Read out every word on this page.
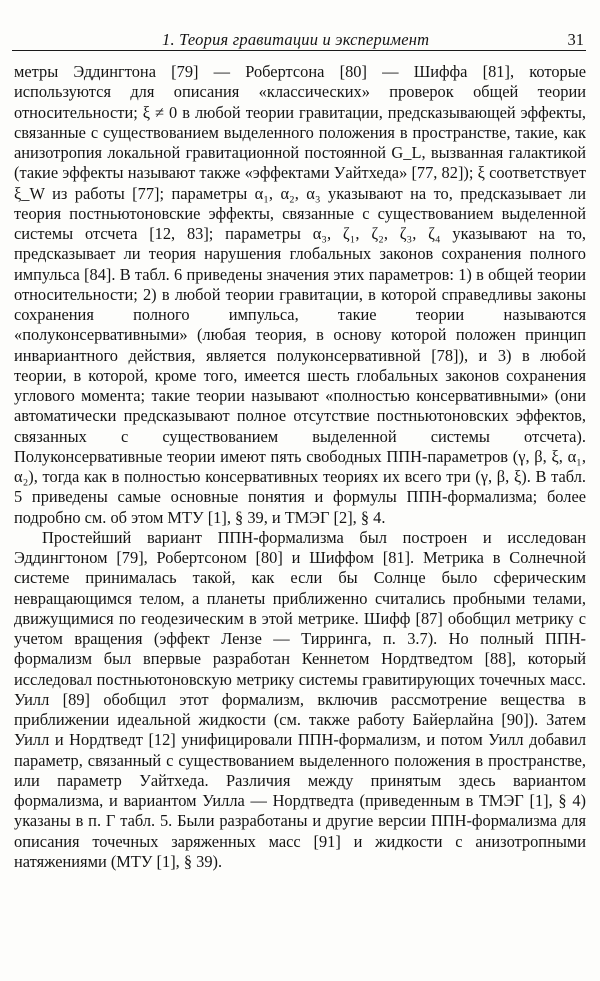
1. Теория гравитации и эксперимент	31

метры Эддингтона [79] — Робертсона [80] — Шиффа [81], которые используются для описания «классических» проверок общей теории относительности; ξ ≠ 0 в любой теории гравитации, предсказывающей эффекты, связанные с существованием выделенного положения в пространстве, такие, как анизотропия локальной гравитационной постоянной G_L, вызванная галактикой (такие эффекты называют также «эффектами Уайтхеда» [77, 82]); ξ соответствует ξ_W из работы [77]; параметры α₁, α₂, α₃ указывают на то, предсказывает ли теория постньютоновские эффекты, связанные с существованием выделенной системы отсчета [12, 83]; параметры α₃, ζ₁, ζ₂, ζ₃, ζ₄ указывают на то, предсказывает ли теория нарушения глобальных законов сохранения полного импульса [84]. В табл. 6 приведены значения этих параметров: 1) в общей теории относительности; 2) в любой теории гравитации, в которой справедливы законы сохранения полного импульса, такие теории называются «полуконсервативными» (любая теория, в основу которой положен принцип инвариантного действия, является полуконсервативной [78]), и 3) в любой теории, в которой, кроме того, имеется шесть глобальных законов сохранения углового момента; такие теории называют «полностью консервативными» (они автоматически предсказывают полное отсутствие постньютоновских эффектов, связанных с существованием выделенной системы отсчета). Полуконсервативные теории имеют пять свободных ППН-параметров (γ, β, ξ, α₁, α₂), тогда как в полностью консервативных теориях их всего три (γ, β, ξ). В табл. 5 приведены самые основные понятия и формулы ППН-формализма; более подробно см. об этом МТУ [1], § 39, и ТМЭГ [2], § 4.

Простейший вариант ППН-формализма был построен и исследован Эддингтоном [79], Робертсоном [80] и Шиффом [81]. Метрика в Солнечной системе принималась такой, как если бы Солнце было сферическим невращающимся телом, а планеты приближенно считались пробными телами, движущимися по геодезическим в этой метрике. Шифф [87] обобщил метрику с учетом вращения (эффект Лензе — Тирринга, п. 3.7). Но полный ППН-формализм был впервые разработан Кеннетом Нордтведтом [88], который исследовал постньютоновскую метрику системы гравитирующих точечных масс. Уилл [89] обобщил этот формализм, включив рассмотрение вещества в приближении идеальной жидкости (см. также работу Байерлайна [90]). Затем Уилл и Нордтведт [12] унифицировали ППН-формализм, и потом Уилл добавил параметр, связанный с существованием выделенного положения в пространстве, или параметр Уайтхеда. Различия между принятым здесь вариантом формализма, и вариантом Уилла — Нордтведта (приведенным в ТМЭГ [1], § 4) указаны в п. Г табл. 5. Были разработаны и другие версии ППН-формализма для описания точечных заряженных масс [91] и жидкости с анизотропными натяжениями (МТУ [1], § 39).
